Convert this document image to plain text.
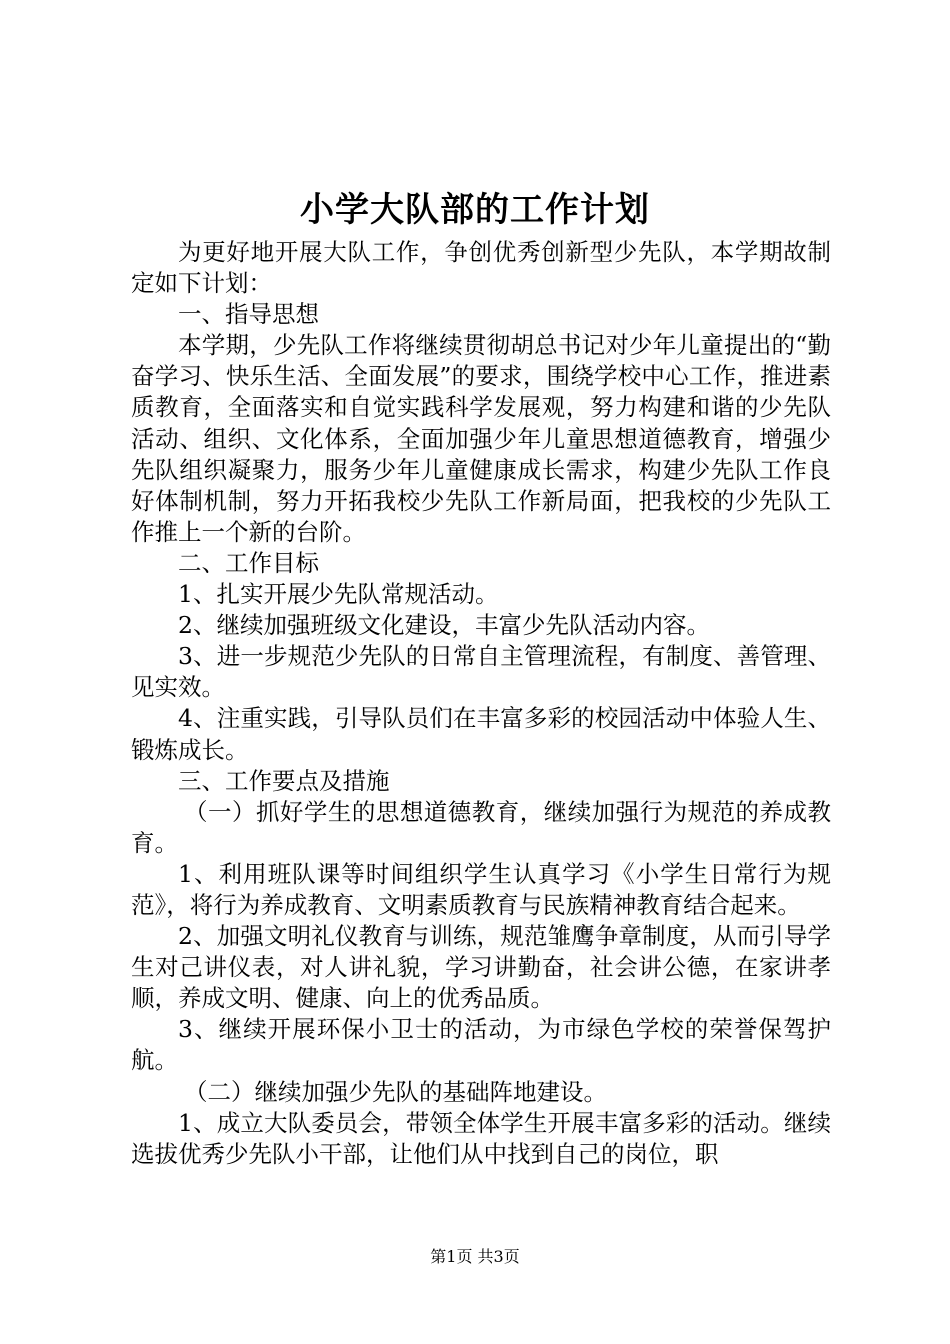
小学大队部的工作计划

为更好地开展大队工作，争创优秀创新型少先队，本学期故制定如下计划：

一、指导思想

本学期，少先队工作将继续贯彻胡总书记对少年儿童提出的“勤奋学习、快乐生活、全面发展”的要求，围绕学校中心工作，推进素质教育，全面落实和自觉实践科学发展观，努力构建和谐的少先队活动、组织、文化体系，全面加强少年儿童思想道德教育，增强少先队组织凝聚力，服务少年儿童健康成长需求，构建少先队工作良好体制机制，努力开拓我校少先队工作新局面，把我校的少先队工作推上一个新的台阶。

二、工作目标

1、扎实开展少先队常规活动。

2、继续加强班级文化建设，丰富少先队活动内容。

3、进一步规范少先队的日常自主管理流程，有制度、善管理、见实效。

4、注重实践，引导队员们在丰富多彩的校园活动中体验人生、锻炼成长。

三、工作要点及措施

（一）抓好学生的思想道德教育，继续加强行为规范的养成教育。

1、利用班队课等时间组织学生认真学习《小学生日常行为规范》，将行为养成教育、文明素质教育与民族精神教育结合起来。

2、加强文明礼仪教育与训练，规范雏鹰争章制度，从而引导学生对己讲仪表，对人讲礼貌，学习讲勤奋，社会讲公德，在家讲孝顺，养成文明、健康、向上的优秀品质。

3、继续开展环保小卫士的活动，为市绿色学校的荣誉保驾护航。

（二）继续加强少先队的基础阵地建设。

1、成立大队委员会，带领全体学生开展丰富多彩的活动。继续选拔优秀少先队小干部，让他们从中找到自己的岗位，职

第1页 共3页
